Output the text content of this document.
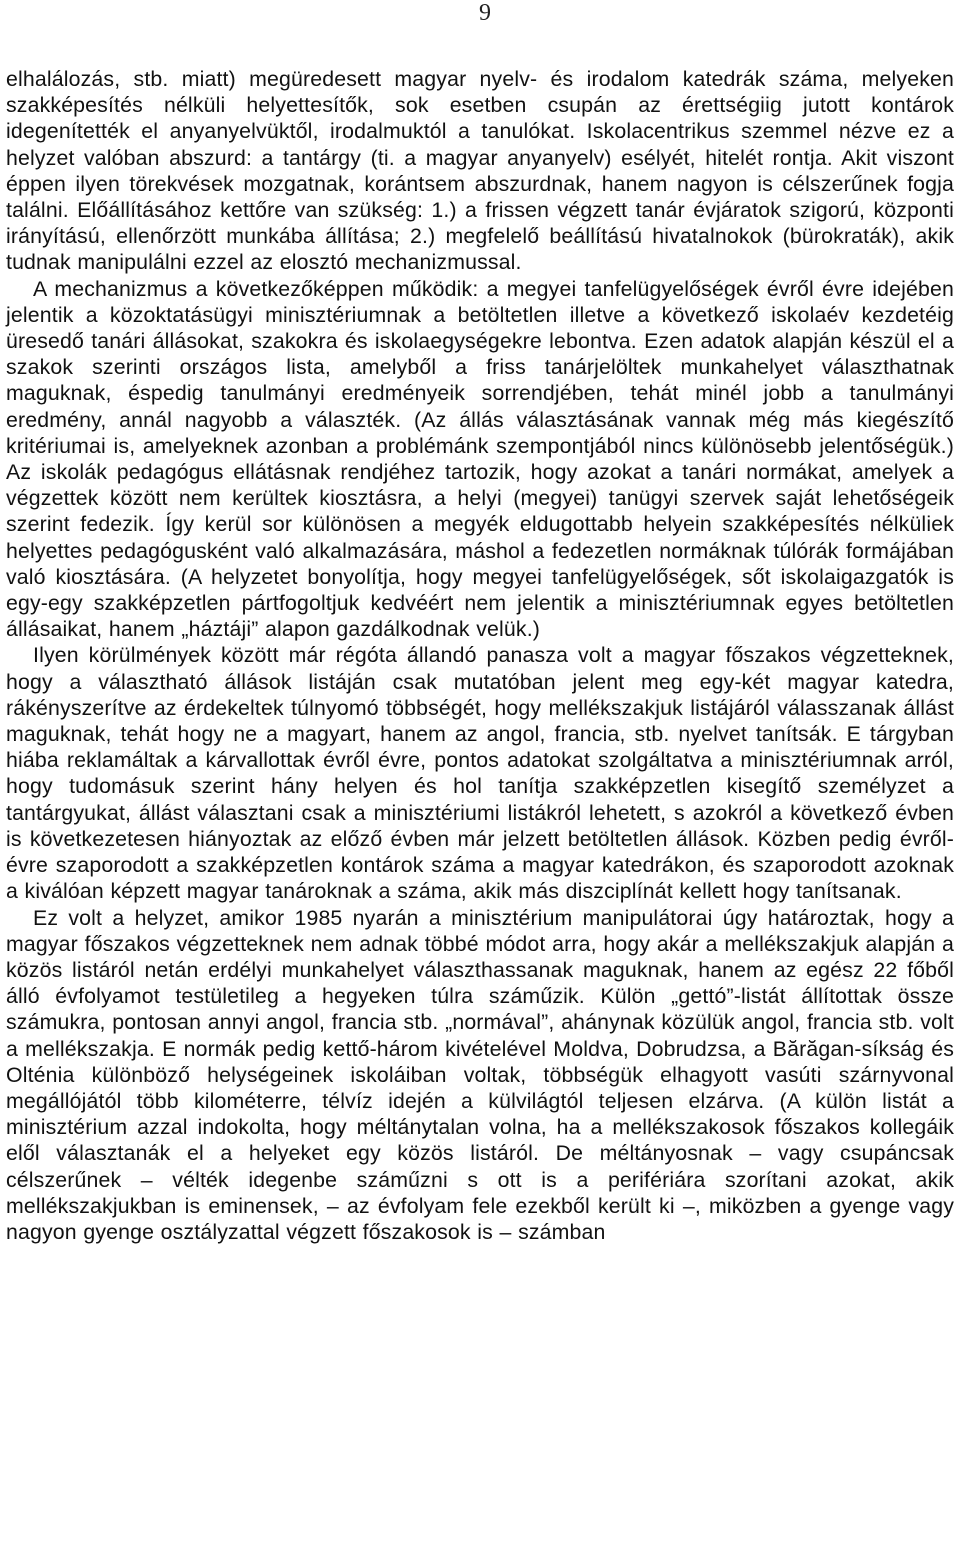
9

elhalálozás, stb. miatt) megüredesett magyar nyelv- és irodalom katedrák száma, melyeken szakképesítés nélküli helyettesítők, sok esetben csupán az érettségiig jutott kontárok idegenítették el anyanyelvüktől, irodalmuktól a tanulókat. Iskolacentrikus szemmel nézve ez a helyzet valóban abszurd: a tantárgy (ti. a magyar anyanyelv) esélyét, hitelét rontja. Akit viszont éppen ilyen törekvések mozgatnak, korántsem abszurdnak, hanem nagyon is célszerűnek fogja találni. Előállításához kettőre van szükség: 1.) a frissen végzett tanár évjáratok szigorú, központi irányítású, ellenőrzött munkába állítása; 2.) megfelelő beállítású hivatalnokok (bürokraták), akik tudnak manipulálni ezzel az elosztó mechanizmussal.

A mechanizmus a következőképpen működik: a megyei tanfelügyelőségek évről évre idejében jelentik a közoktatásügyi minisztériumnak a betöltetlen illetve a következő iskolaév kezdetéig üresedő tanári állásokat, szakokra és iskolaegységekre lebontva. Ezen adatok alapján készül el a szakok szerinti országos lista, amelyből a friss tanárjelöltek munkahelyet választhatnak maguknak, éspedig tanulmányi eredményeik sorrendjében, tehát minél jobb a tanulmányi eredmény, annál nagyobb a választék. (Az állás választásának vannak még más kiegészítő kritériumai is, amelyeknek azonban a problémánk szempontjából nincs különösebb jelentőségük.) Az iskolák pedagógus ellátásnak rendjéhez tartozik, hogy azokat a tanári normákat, amelyek a végzettek között nem kerültek kiosztásra, a helyi (megyei) tanügyi szervek saját lehetőségeik szerint fedezik. Így kerül sor különösen a megyék eldugottabb helyein szakképesítés nélküliek helyettes pedagógusként való alkalmazására, máshol a fedezetlen normáknak túlórák formájában való kiosztására. (A helyzetet bonyolítja, hogy megyei tanfelügyelőségek, sőt iskolaigazgatók is egy-egy szakképzetlen pártfogoltjuk kedvéért nem jelentik a minisztériumnak egyes betöltetlen állásaikat, hanem „háztáji” alapon gazdálkodnak velük.)

Ilyen körülmények között már régóta állandó panasza volt a magyar főszakos végzetteknek, hogy a választható állások listáján csak mutatóban jelent meg egy-két magyar katedra, rákényszerítve az érdekeltek túlnyomó többségét, hogy mellékszakjuk listájáról válasszanak állást maguknak, tehát hogy ne a magyart, hanem az angol, francia, stb. nyelvet tanítsák. E tárgyban hiába reklamáltak a kárvallottak évről évre, pontos adatokat szolgáltatva a minisztériumnak arról, hogy tudomásuk szerint hány helyen és hol tanítja szakképzetlen kisegítő személyzet a tantárgyukat, állást választani csak a minisztériumi listákról lehetett, s azokról a következő évben is következetesen hiányoztak az előző évben már jelzett betöltetlen állások. Közben pedig évről-évre szaporodott a szakképzetlen kontárok száma a magyar katedrákon, és szaporodott azoknak a kiválóan képzett magyar tanároknak a száma, akik más diszciplínát kellett hogy tanítsanak.

Ez volt a helyzet, amikor 1985 nyarán a minisztérium manipulátorai úgy határoztak, hogy a magyar főszakos végzetteknek nem adnak többé módot arra, hogy akár a mellékszakjuk alapján a közös listáról netán erdélyi munkahelyet választhassanak maguknak, hanem az egész 22 főből álló évfolyamot testületileg a hegyeken túlra száműzik. Külön „gettó”-listát állítottak össze számukra, pontosan annyi angol, francia stb. „normával”, ahánynak közülük angol, francia stb. volt a mellékszakja. E normák pedig kettő-három kivételével Moldva, Dobrudzsa, a Bărăgan-síkság és Olténia különböző helységeinek iskoláiban voltak, többségük elhagyott vasúti szárnyvonal megállójától több kilométerre, télvíz idején a külvilágtól teljesen elzárva. (A külön listát a minisztérium azzal indokolta, hogy méltánytalan volna, ha a mellékszakosok főszakos kollegáik elől választanák el a helyeket egy közös listáról. De méltányosnak – vagy csupáncsak célszerűnek – vélték idegenbe száműzni s ott is a perifériára szorítani azokat, akik mellékszakjukban is eminensek, – az évfolyam fele ezekből került ki –, miközben a gyenge vagy nagyon gyenge osztályzattal végzett főszakosok is – számban
